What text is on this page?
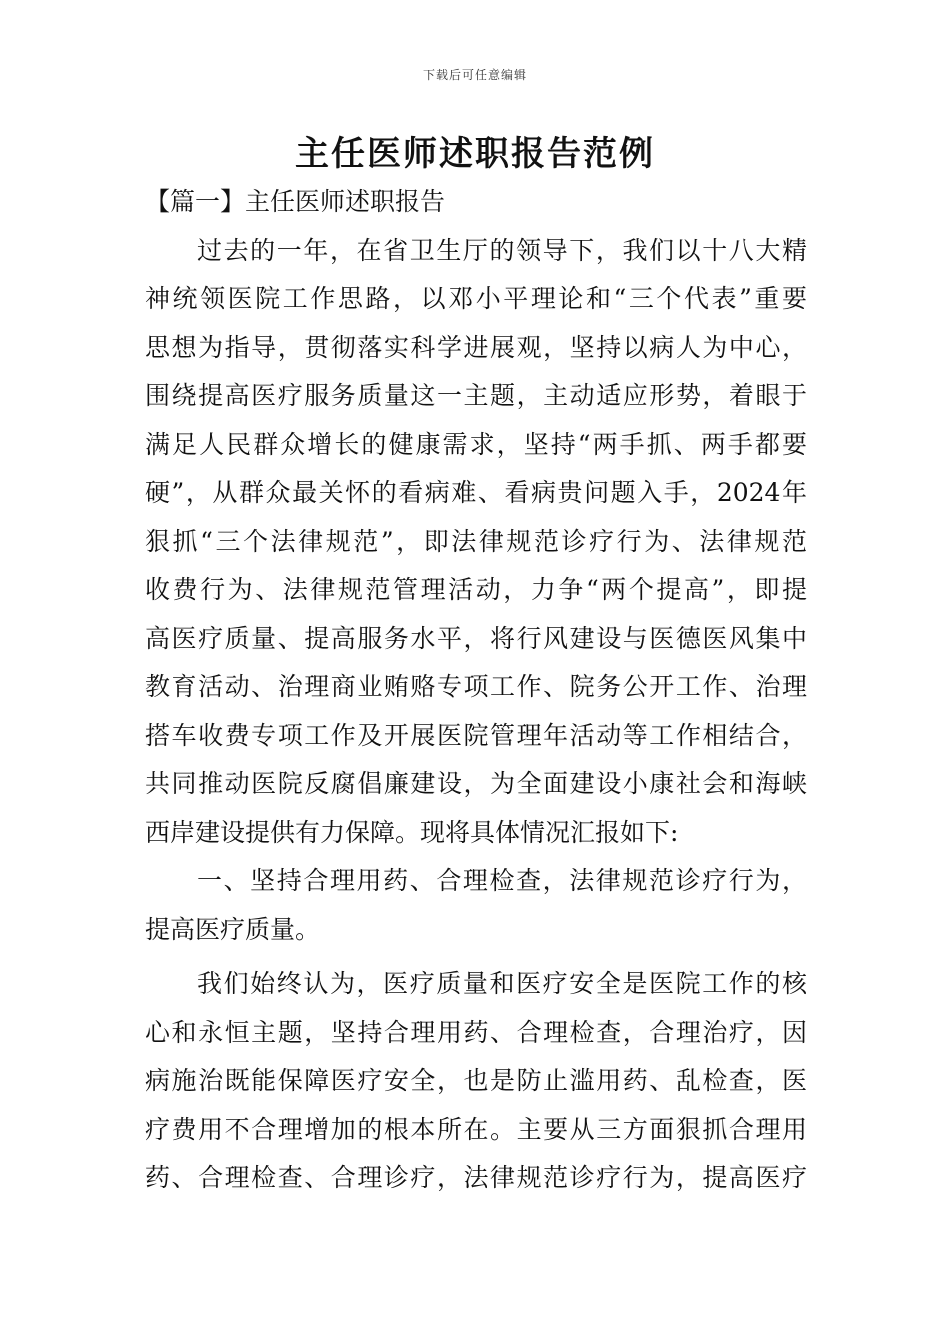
下载后可任意编辑
主任医师述职报告范例
【篇一】主任医师述职报告
过去的一年，在省卫生厅的领导下，我们以十八大精
神统领医院工作思路，以邓小平理论和“三个代表”重要
思想为指导，贯彻落实科学进展观，坚持以病人为中心，
围绕提高医疗服务质量这一主题，主动适应形势，着眼于
满足人民群众增长的健康需求，坚持“两手抓、两手都要
硬”，从群众最关怀的看病难、看病贵问题入手，2024年
狠抓“三个法律规范”，即法律规范诊疗行为、法律规范
收费行为、法律规范管理活动，力争“两个提高”，即提
高医疗质量、提高服务水平，将行风建设与医德医风集中
教育活动、治理商业贿赂专项工作、院务公开工作、治理
搭车收费专项工作及开展医院管理年活动等工作相结合，
共同推动医院反腐倡廉建设，为全面建设小康社会和海峡
西岸建设提供有力保障。现将具体情况汇报如下:
一、坚持合理用药、合理检查，法律规范诊疗行为，
提高医疗质量。
我们始终认为，医疗质量和医疗安全是医院工作的核
心和永恒主题，坚持合理用药、合理检查，合理治疗，因
病施治既能保障医疗安全，也是防止滥用药、乱检查，医
疗费用不合理增加的根本所在。主要从三方面狠抓合理用
药、合理检查、合理诊疗，法律规范诊疗行为，提高医疗
